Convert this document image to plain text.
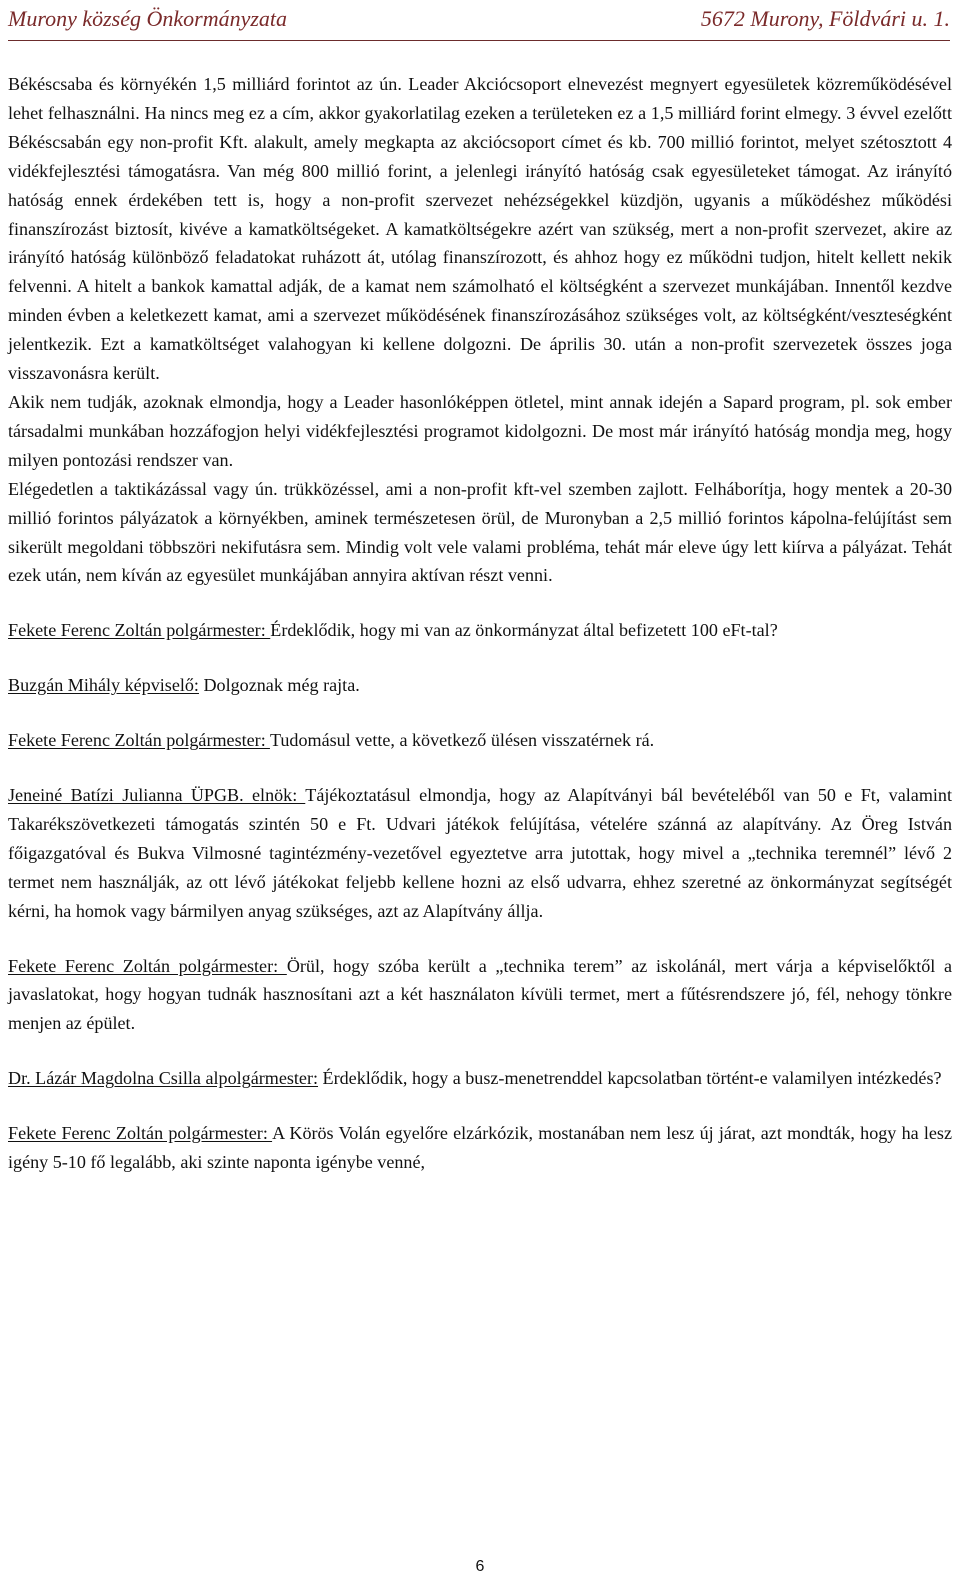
Murony község Önkormányzata	5672 Murony, Földvári u. 1.

Békéscsaba és környékén 1,5 milliárd forintot az ún. Leader Akciócsoport elnevezést megnyert egyesületek közreműködésével lehet felhasználni. Ha nincs meg ez a cím, akkor gyakorlatilag ezeken a területeken ez a 1,5 milliárd forint elmegy. 3 évvel ezelőtt Békéscsabán egy non-profit Kft. alakult, amely megkapta az akciócsoport címet és kb. 700 millió forintot, melyet szétosztott 4 vidékfejlesztési támogatásra. Van még 800 millió forint, a jelenlegi irányító hatóság csak egyesületeket támogat. Az irányító hatóság ennek érdekében tett is, hogy a non-profit szervezet nehézségekkel küzdjön, ugyanis a működéshez működési finanszírozást biztosít, kivéve a kamatköltségeket. A kamatköltségekre azért van szükség, mert a non-profit szervezet, akire az irányító hatóság különböző feladatokat ruházott át, utólag finanszírozott, és ahhoz hogy ez működni tudjon, hitelt kellett nekik felvenni. A hitelt a bankok kamattal adják, de a kamat nem számolható el költségként a szervezet munkájában. Innentől kezdve minden évben a keletkezett kamat, ami a szervezet működésének finanszírozásához szükséges volt, az költségként/veszteségként jelentkezik. Ezt a kamatköltséget valahogyan ki kellene dolgozni. De április 30. után a non-profit szervezetek összes joga visszavonásra került.

Akik nem tudják, azoknak elmondja, hogy a Leader hasonlóképpen ötletel, mint annak idején a Sapard program, pl. sok ember társadalmi munkában hozzáfogjon helyi vidékfejlesztési programot kidolgozni. De most már irányító hatóság mondja meg, hogy milyen pontozási rendszer van.

Elégedetlen a taktikázással vagy ún. trükközéssel, ami a non-profit kft-vel szemben zajlott. Felháborítja, hogy mentek a 20-30 millió forintos pályázatok a környékben, aminek természetesen örül, de Muronyban a 2,5 millió forintos kápolna-felújítást sem sikerült megoldani többszöri nekifutásra sem. Mindig volt vele valami probléma, tehát már eleve úgy lett kiírva a pályázat. Tehát ezek után, nem kíván az egyesület munkájában annyira aktívan részt venni.

Fekete Ferenc Zoltán polgármester: Érdeklődik, hogy mi van az önkormányzat által befizetett 100 eFt-tal?

Buzgán Mihály képviselő: Dolgoznak még rajta.

Fekete Ferenc Zoltán polgármester: Tudomásul vette, a következő ülésen visszatérnek rá.

Jeneiné Batízi Julianna ÜPGB. elnök: Tájékoztatásul elmondja, hogy az Alapítványi bál bevételéből van 50 e Ft, valamint Takarékszövetkezeti támogatás szintén 50 e Ft. Udvari játékok felújítása, vételére szánná az alapítvány. Az Öreg István főigazgatóval és Bukva Vilmosné tagintézmény-vezetővel egyeztetve arra jutottak, hogy mivel a „technika teremnél” lévő 2 termet nem használják, az ott lévő játékokat feljebb kellene hozni az első udvarra, ehhez szeretné az önkormányzat segítségét kérni, ha homok vagy bármilyen anyag szükséges, azt az Alapítvány állja.

Fekete Ferenc Zoltán polgármester: Örül, hogy szóba került a „technika terem” az iskolánál, mert várja a képviselőktől a javaslatokat, hogy hogyan tudnák hasznosítani azt a két használaton kívüli termet, mert a fűtésrendszere jó, fél, nehogy tönkre menjen az épület.

Dr. Lázár Magdolna Csilla alpolgármester: Érdeklődik, hogy a busz-menetrenddel kapcsolatban történt-e valamilyen intézkedés?

Fekete Ferenc Zoltán polgármester: A Körös Volán egyelőre elzárkózik, mostanában nem lesz új járat, azt mondták, hogy ha lesz igény 5-10 fő legalább, aki szinte naponta igénybe venné,

6
